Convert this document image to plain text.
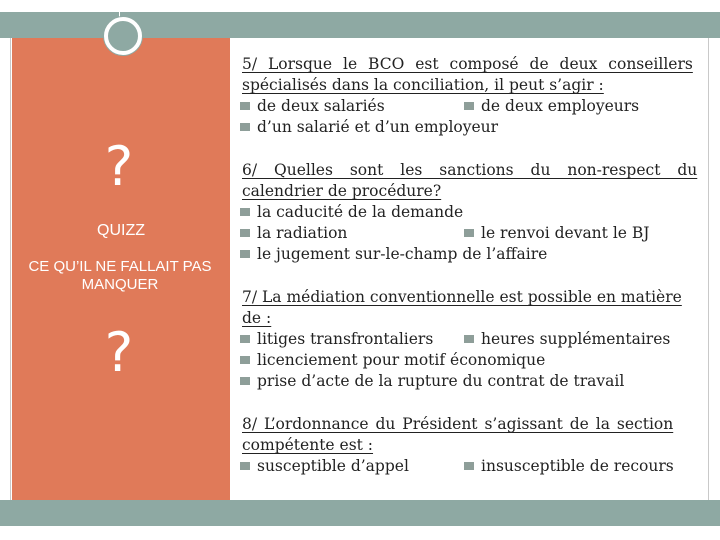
?
QUIZZ
CE QU’IL NE FALLAIT PAS MANQUER
?
5/ Lorsque le BCO est composé de deux conseillers
spécialisés dans la conciliation, il peut s’agir :
de deux salariés	de deux employeurs
d’un salarié et d’un employeur
6/ Quelles sont les sanctions du non-respect du
calendrier de procédure?
la caducité de la demande
la radiation	le renvoi devant le BJ
le jugement sur-le-champ de l’affaire
7/ La médiation conventionnelle est possible en matière
de :
litiges transfrontaliers	heures supplémentaires
licenciement pour motif économique
prise d’acte de la rupture du contrat de travail
8/ L’ordonnance du Président s’agissant de la section
compétente est :
susceptible d’appel	insusceptible de recours
